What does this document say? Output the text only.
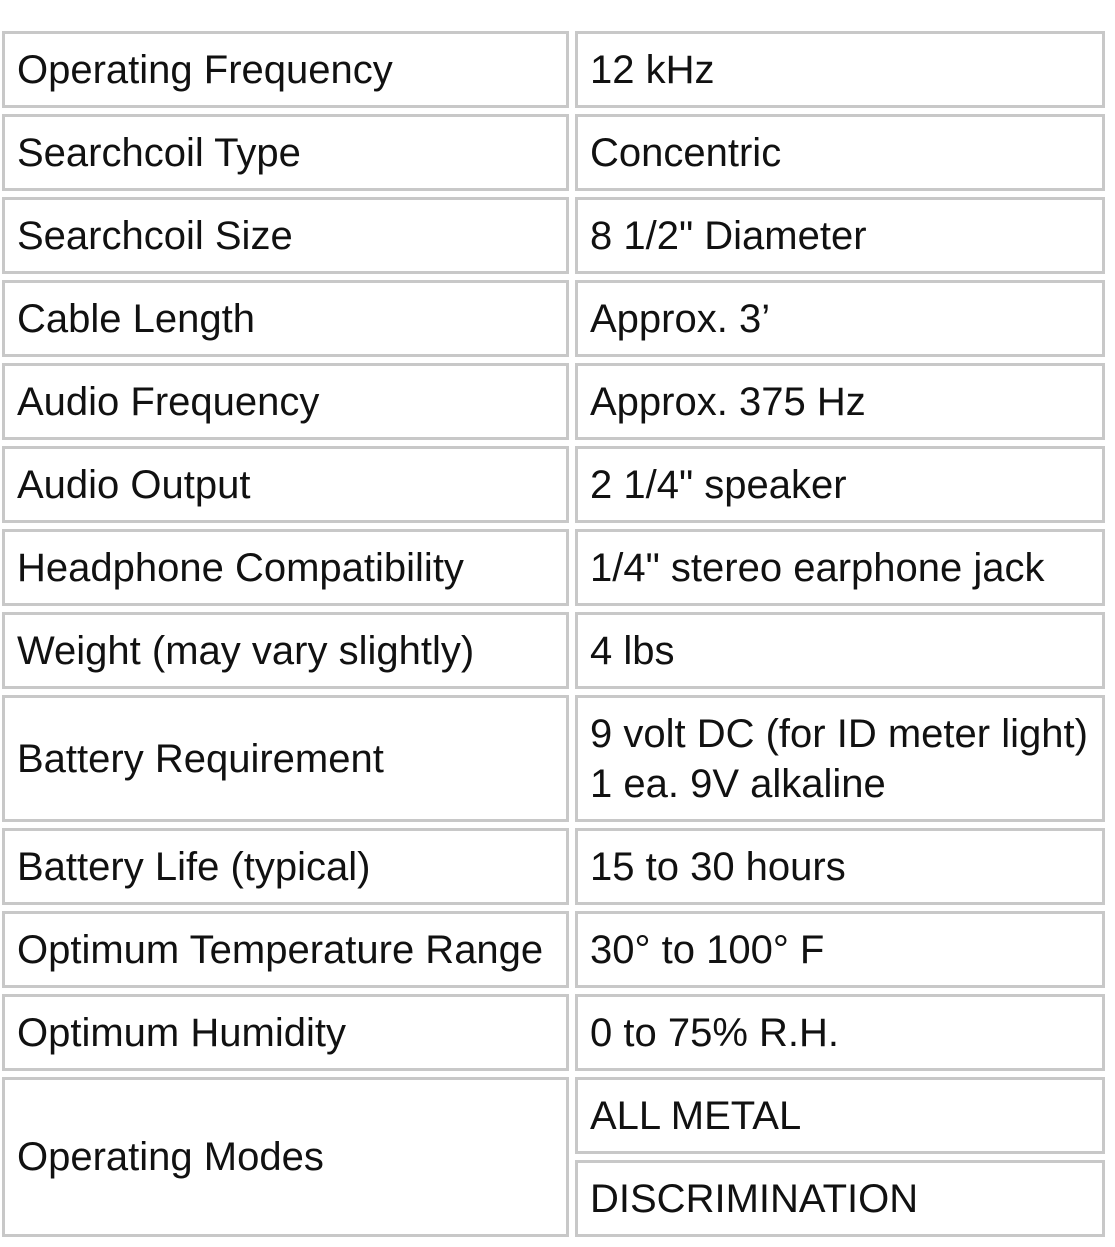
Operating Frequency	12 kHz
Searchcoil Type	Concentric
Searchcoil Size	8 1/2" Diameter
Cable Length	Approx. 3’
Audio Frequency	Approx. 375 Hz
Audio Output	2 1/4" speaker
Headphone Compatibility	1/4" stereo earphone jack
Weight (may vary slightly)	4 lbs
Battery Requirement	9 volt DC (for ID meter light)
1 ea. 9V alkaline

Battery Life (typical)	15 to 30 hours
Optimum Temperature Range	30° to 100° F
Optimum Humidity	0 to 75% R.H.
Operating Modes	ALL METAL
	DISCRIMINATION
